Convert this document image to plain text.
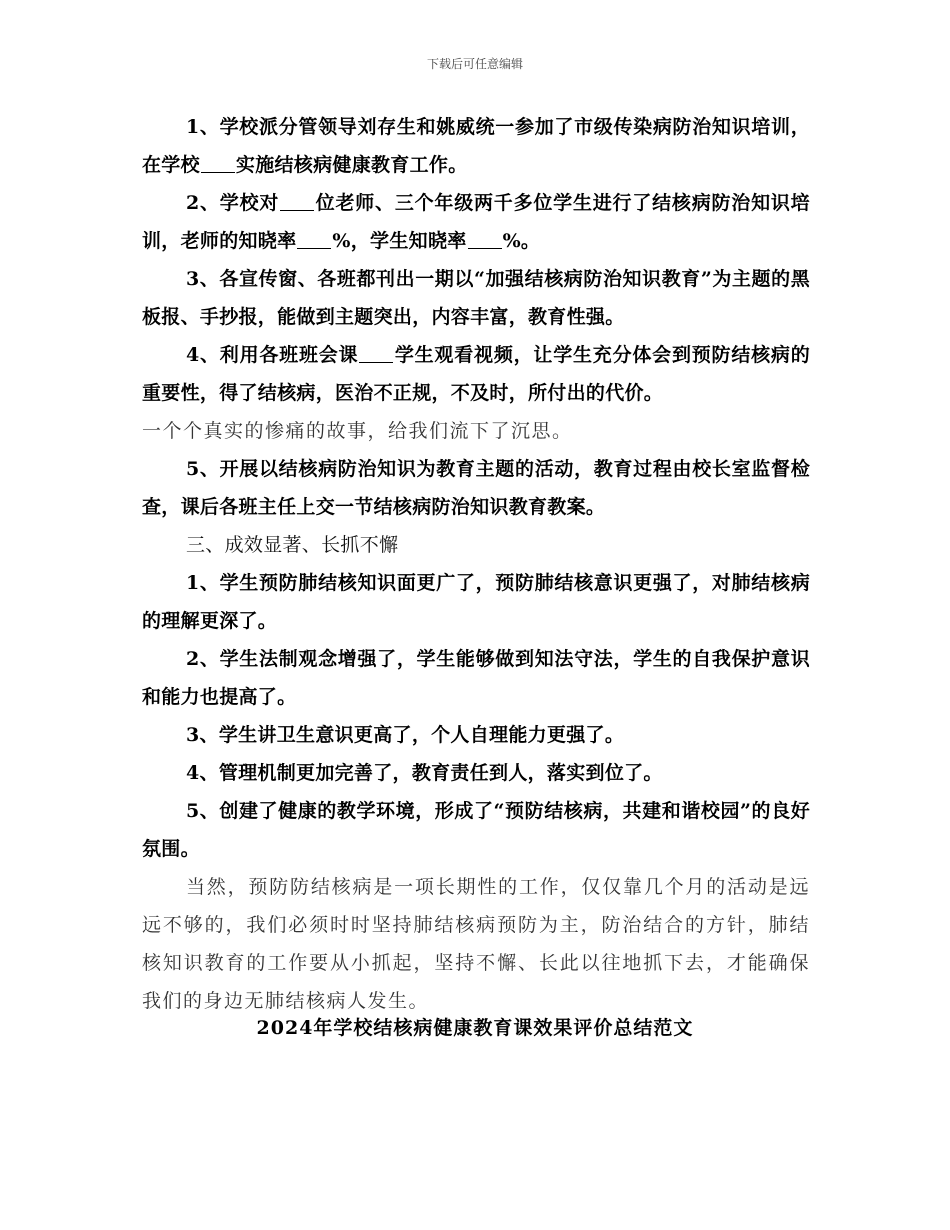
下载后可任意编辑

1、学校派分管领导刘存生和姚威统一参加了市级传染病防治知识培训，在学校 实施结核病健康教育工作。

2、学校对 位老师、三个年级两千多位学生进行了结核病防治知识培训，老师的知晓率 %，学生知晓率 %。

3、各宣传窗、各班都刊出一期以“加强结核病防治知识教育”为主题的黑板报、手抄报，能做到主题突出，内容丰富，教育性强。

4、利用各班班会课 学生观看视频，让学生充分体会到预防结核病的重要性，得了结核病，医治不正规，不及时，所付出的代价。

一个个真实的惨痛的故事，给我们流下了沉思。

5、开展以结核病防治知识为教育主题的活动，教育过程由校长室监督检查，课后各班主任上交一节结核病防治知识教育教案。

三、成效显著、长抓不懈

1、学生预防肺结核知识面更广了，预防肺结核意识更强了，对肺结核病的理解更深了。

2、学生法制观念增强了，学生能够做到知法守法，学生的自我保护意识和能力也提高了。

3、学生讲卫生意识更高了，个人自理能力更强了。

4、管理机制更加完善了，教育责任到人，落实到位了。

5、创建了健康的教学环境，形成了“预防结核病，共建和谐校园”的良好氛围。

当然，预防防结核病是一项长期性的工作，仅仅靠几个月的活动是远远不够的，我们必须时时坚持肺结核病预防为主，防治结合的方针，肺结核知识教育的工作要从小抓起，坚持不懈、长此以往地抓下去，才能确保我们的身边无肺结核病人发生。

2024年学校结核病健康教育课效果评价总结范文
